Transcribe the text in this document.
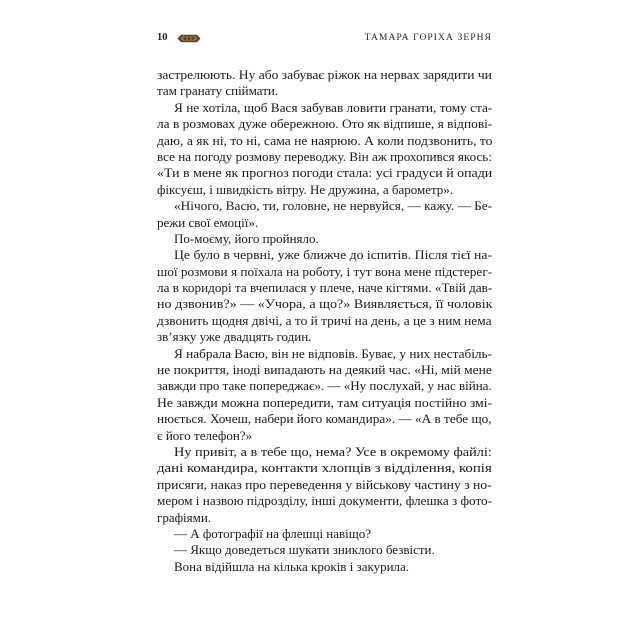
10	ТАМАРА ГОРІХА ЗЕРНЯ
застрелюють. Ну або забуває ріжок на нервах зарядити чи
там гранату спіймати.
Я не хотіла, щоб Вася забував ловити гранати, тому ста-
ла в розмовах дуже обережною. Ото як відпише, я відпові-
даю, а як ні, то ні, сама не наярюю. А коли подзвонить, то
все на погоду розмову переводжу. Він аж прохопився якось:
«Ти в мене як прогноз погоди стала: усі градуси й опади
фіксуєш, і швидкість вітру. Не дружина, а барометр».
«Нічого, Васю, ти, головне, не нервуйся, — кажу. — Бе-
режи свої емоції».
По-моєму, його пройняло.
Це було в червні, уже ближче до іспитів. Після тієї на-
шої розмови я поїхала на роботу, і тут вона мене підстерег-
ла в коридорі та вчепилася у плече, наче кігтями. «Твій дав-
но дзвонив?» — «Учора, а що?» Виявляється, її чоловік
дзвонить щодня двічі, а то й тричі на день, а це з ним нема
зв’язку уже двадцять годин.
Я набрала Васю, він не відповів. Буває, у них нестабіль-
не покриття, іноді випадають на деякий час. «Ні, мій мене
завжди про таке попереджає». — «Ну послухай, у нас війна.
Не завжди можна попередити, там ситуація постійно змі-
нюється. Хочеш, набери його командира». — «А в тебе що,
є його телефон?»
Ну привіт, а в тебе що, нема? Усе в окремому файлі:
дані командира, контакти хлопців з відділення, копія
присяги, наказ про переведення у військову частину з но-
мером і назвою підрозділу, інші документи, флешка з фото-
графіями.
— А фотографії на флешці навіщо?
— Якщо доведеться шукати зниклого безвісти.
Вона відійшла на кілька кроків і закурила.
